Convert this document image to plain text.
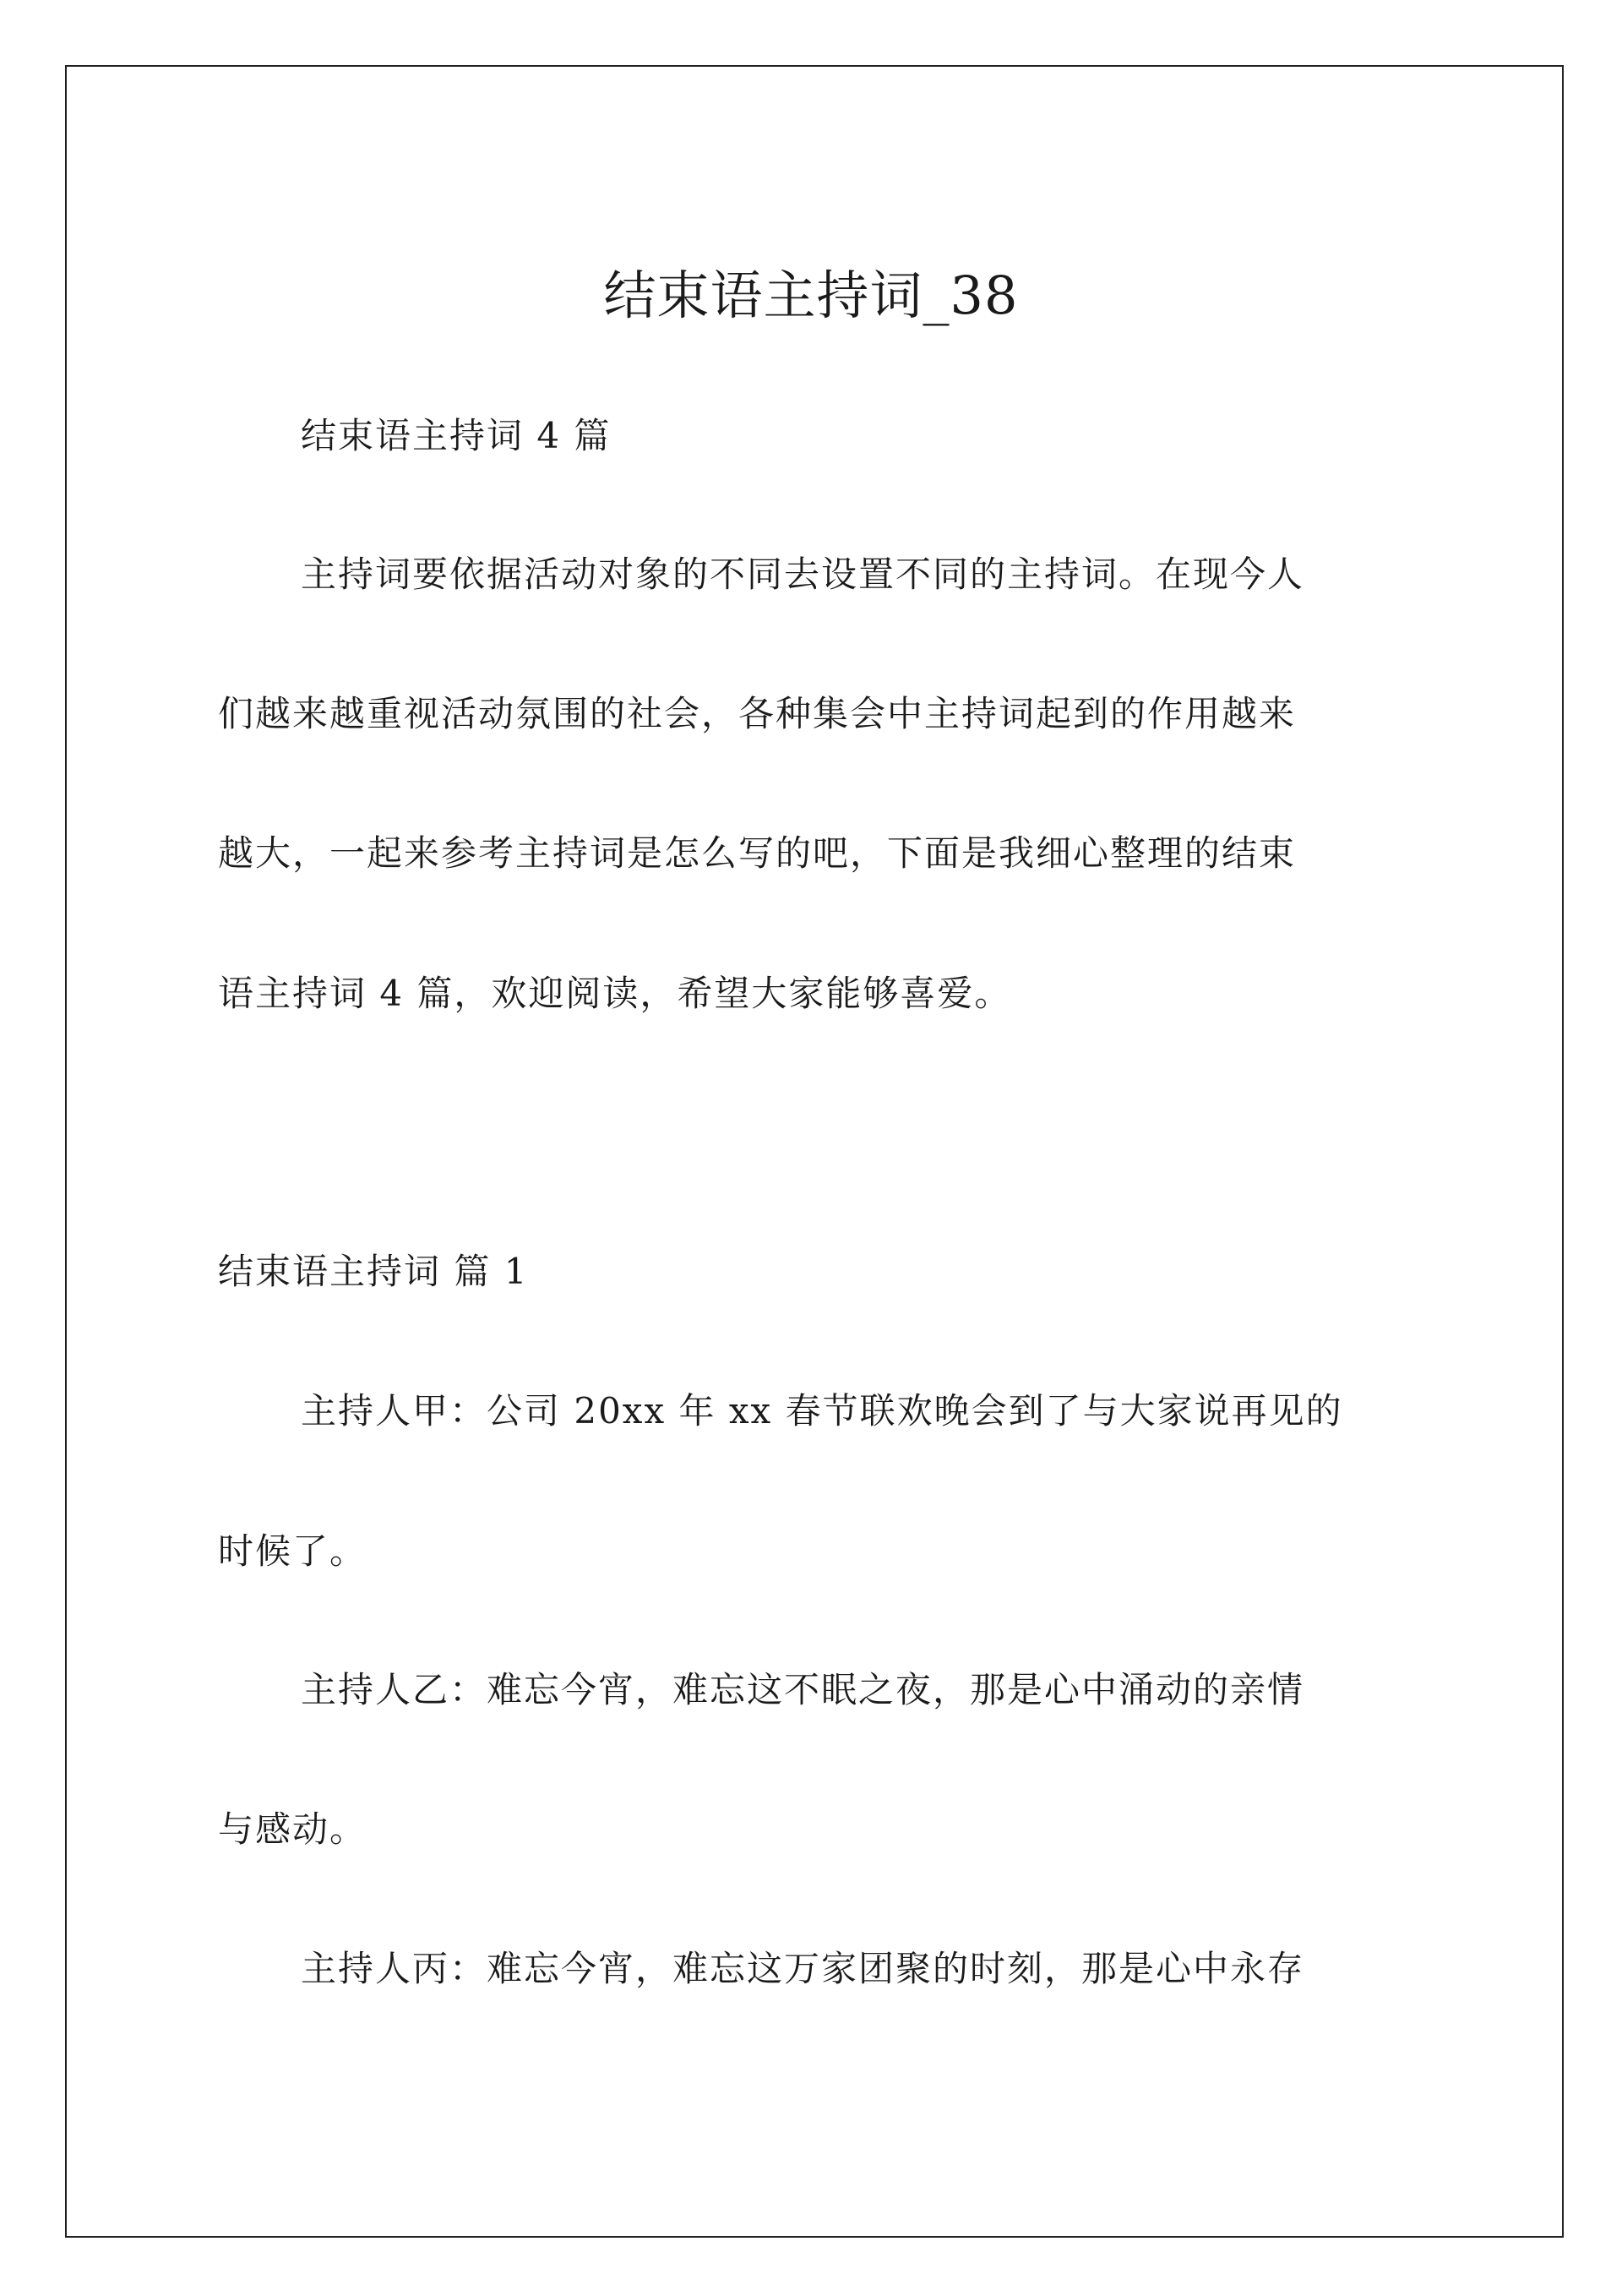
结束语主持词_38
结束语主持词 4 篇
主持词要依据活动对象的不同去设置不同的主持词。在现今人
们越来越重视活动氛围的社会，各种集会中主持词起到的作用越来
越大，一起来参考主持词是怎么写的吧，下面是我细心整理的结束
语主持词 4 篇，欢迎阅读，希望大家能够喜爱。
结束语主持词 篇 1
主持人甲：公司 20xx 年 xx 春节联欢晚会到了与大家说再见的
时候了。
主持人乙：难忘今宵，难忘这不眠之夜，那是心中涌动的亲情
与感动。
主持人丙：难忘今宵，难忘这万家团聚的时刻，那是心中永存
